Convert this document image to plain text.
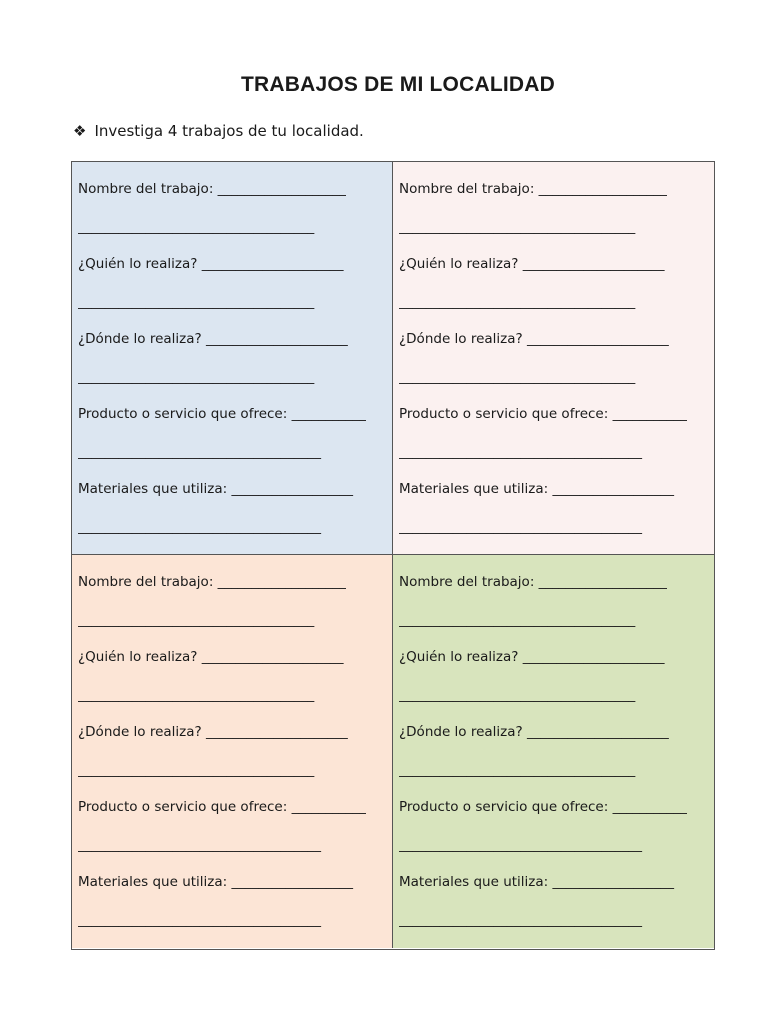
TRABAJOS DE MI LOCALIDAD
❖ Investiga 4 trabajos de tu localidad.
Nombre del trabajo: ___________________
___________________________________
¿Quién lo realiza? _____________________
___________________________________
¿Dónde lo realiza? _____________________
___________________________________
Producto o servicio que ofrece: ___________
____________________________________
Materiales que utiliza: __________________
____________________________________
Nombre del trabajo: ___________________
___________________________________
¿Quién lo realiza? _____________________
___________________________________
¿Dónde lo realiza? _____________________
___________________________________
Producto o servicio que ofrece: ___________
____________________________________
Materiales que utiliza: __________________
____________________________________
Nombre del trabajo: ___________________
___________________________________
¿Quién lo realiza? _____________________
___________________________________
¿Dónde lo realiza? _____________________
___________________________________
Producto o servicio que ofrece: ___________
____________________________________
Materiales que utiliza: __________________
____________________________________
Nombre del trabajo: ___________________
___________________________________
¿Quién lo realiza? _____________________
___________________________________
¿Dónde lo realiza? _____________________
___________________________________
Producto o servicio que ofrece: ___________
____________________________________
Materiales que utiliza: __________________
____________________________________
